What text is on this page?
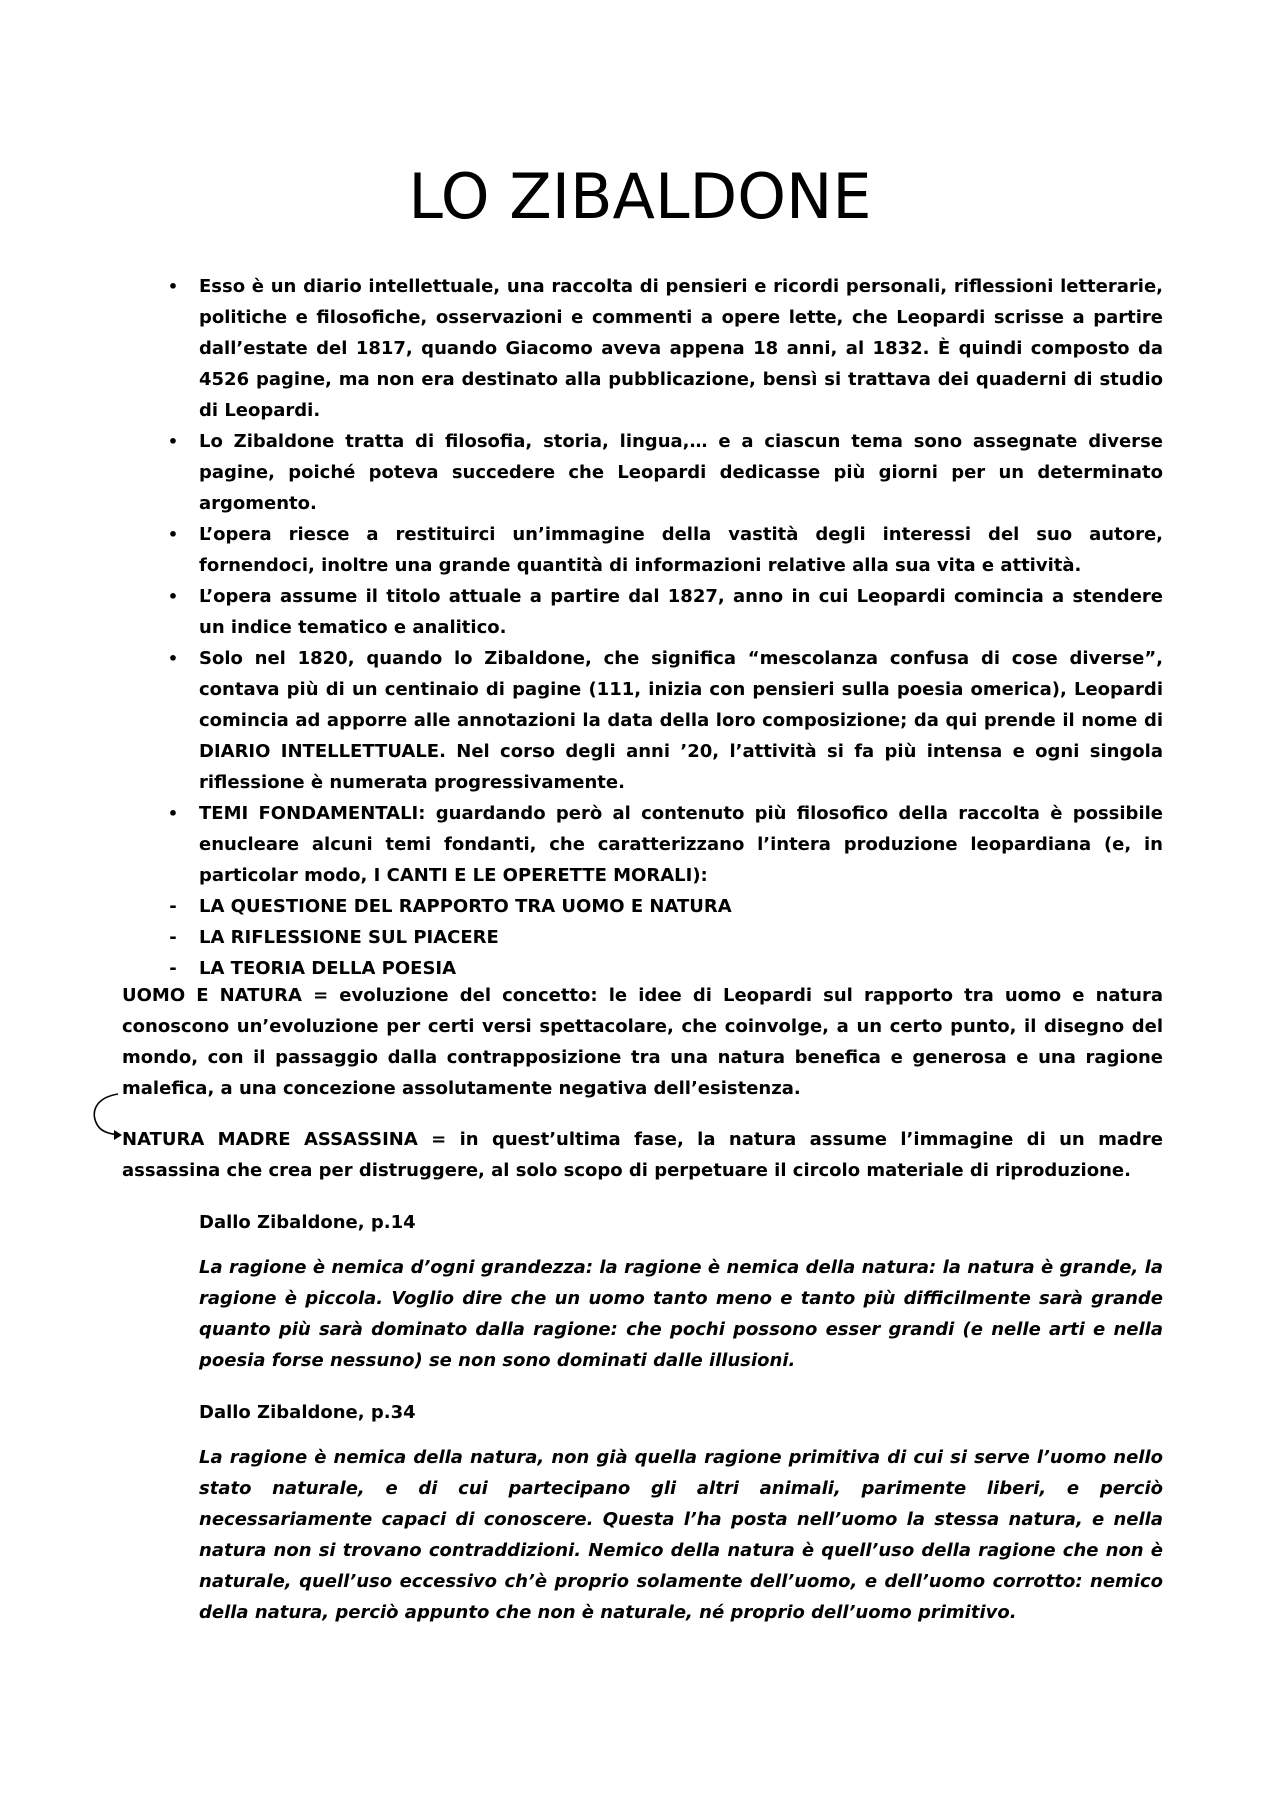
LO ZIBALDONE
• Esso è un diario intellettuale, una raccolta di pensieri e ricordi personali, riflessioni letterarie, politiche e filosofiche, osservazioni e commenti a opere lette, che Leopardi scrisse a partire dall’estate del 1817, quando Giacomo aveva appena 18 anni, al 1832. È quindi composto da 4526 pagine, ma non era destinato alla pubblicazione, bensì si trattava dei quaderni di studio di Leopardi.
• Lo Zibaldone tratta di filosofia, storia, lingua,… e a ciascun tema sono assegnate diverse pagine, poiché poteva succedere che Leopardi dedicasse più giorni per un determinato argomento.
• L’opera riesce a restituirci un’immagine della vastità degli interessi del suo autore, fornendoci, inoltre una grande quantità di informazioni relative alla sua vita e attività.
• L’opera assume il titolo attuale a partire dal 1827, anno in cui Leopardi comincia a stendere un indice tematico e analitico.
• Solo nel 1820, quando lo Zibaldone, che significa “mescolanza confusa di cose diverse”, contava più di un centinaio di pagine (111, inizia con pensieri sulla poesia omerica), Leopardi comincia ad apporre alle annotazioni la data della loro composizione; da qui prende il nome di DIARIO INTELLETTUALE. Nel corso degli anni ’20, l’attività si fa più intensa e ogni singola riflessione è numerata progressivamente.
• TEMI FONDAMENTALI: guardando però al contenuto più filosofico della raccolta è possibile enucleare alcuni temi fondanti, che caratterizzano l’intera produzione leopardiana (e, in particolar modo, I CANTI E LE OPERETTE MORALI):
-	LA QUESTIONE DEL RAPPORTO TRA UOMO E NATURA
-	LA RIFLESSIONE SUL PIACERE
-	LA TEORIA DELLA POESIA

UOMO E NATURA = evoluzione del concetto: le idee di Leopardi sul rapporto tra uomo e natura conoscono un’evoluzione per certi versi spettacolare, che coinvolge, a un certo punto, il disegno del mondo, con il passaggio dalla contrapposizione tra una natura benefica e generosa e una ragione malefica, a una concezione assolutamente negativa dell’esistenza.

NATURA MADRE ASSASSINA = in quest’ultima fase, la natura assume l’immagine di un madre assassina che crea per distruggere, al solo scopo di perpetuare il circolo materiale di riproduzione.

Dallo Zibaldone, p.14

La ragione è nemica d’ogni grandezza: la ragione è nemica della natura: la natura è grande, la ragione è piccola. Voglio dire che un uomo tanto meno e tanto più difficilmente sarà grande quanto più sarà dominato dalla ragione: che pochi possono esser grandi (e nelle arti e nella poesia forse nessuno) se non sono dominati dalle illusioni.

Dallo Zibaldone, p.34

La ragione è nemica della natura, non già quella ragione primitiva di cui si serve l’uomo nello stato naturale, e di cui partecipano gli altri animali, parimente liberi, e perciò necessariamente capaci di conoscere. Questa l’ha posta nell’uomo la stessa natura, e nella natura non si trovano contraddizioni. Nemico della natura è quell’uso della ragione che non è naturale, quell’uso eccessivo ch’è proprio solamente dell’uomo, e dell’uomo corrotto: nemico della natura, perciò appunto che non è naturale, né proprio dell’uomo primitivo.
